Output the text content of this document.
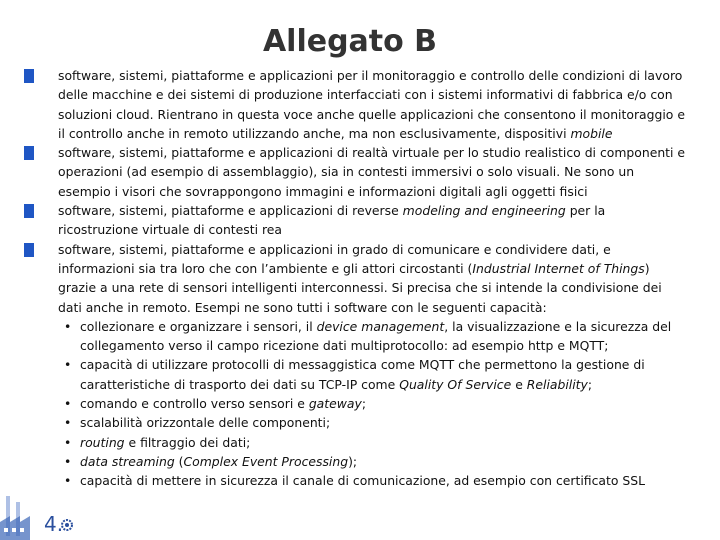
Allegato B
software, sistemi, piattaforme e applicazioni per il monitoraggio e controllo delle condizioni di lavoro delle macchine e dei sistemi di produzione interfacciati con i sistemi informativi di fabbrica e/o con soluzioni cloud. Rientrano in questa voce anche quelle applicazioni che consentono il monitoraggio e il controllo anche in remoto utilizzando anche, ma non esclusivamente, dispositivi mobile
software, sistemi, piattaforme e applicazioni di realtà virtuale per lo studio realistico di componenti e operazioni (ad esempio di assemblaggio), sia in contesti immersivi o solo visuali. Ne sono un esempio i visori che sovrappongono immagini e informazioni digitali agli oggetti fisici
software, sistemi, piattaforme e applicazioni di reverse modeling and engineering per la ricostruzione virtuale di contesti rea
software, sistemi, piattaforme e applicazioni in grado di comunicare e condividere dati, e informazioni sia tra loro che con l’ambiente e gli attori circostanti (Industrial Internet of Things) grazie a una rete di sensori intelligenti interconnessi. Si precisa che si intende la condivisione dei dati anche in remoto. Esempi ne sono tutti i software con le seguenti capacità:
• collezionare e organizzare i sensori, il device management, la visualizzazione e la sicurezza del collegamento verso il campo ricezione dati multiprotocollo: ad esempio http e MQTT;
• capacità di utilizzare protocolli di messaggistica come MQTT che permettono la gestione di caratteristiche di trasporto dei dati su TCP-IP come Quality Of Service e Reliability;
• comando e controllo verso sensori e gateway;
• scalabilità orizzontale delle componenti;
• routing e filtraggio dei dati;
• data streaming (Complex Event Processing);
• capacità di mettere in sicurezza il canale di comunicazione, ad esempio con certificato SSL
4.
